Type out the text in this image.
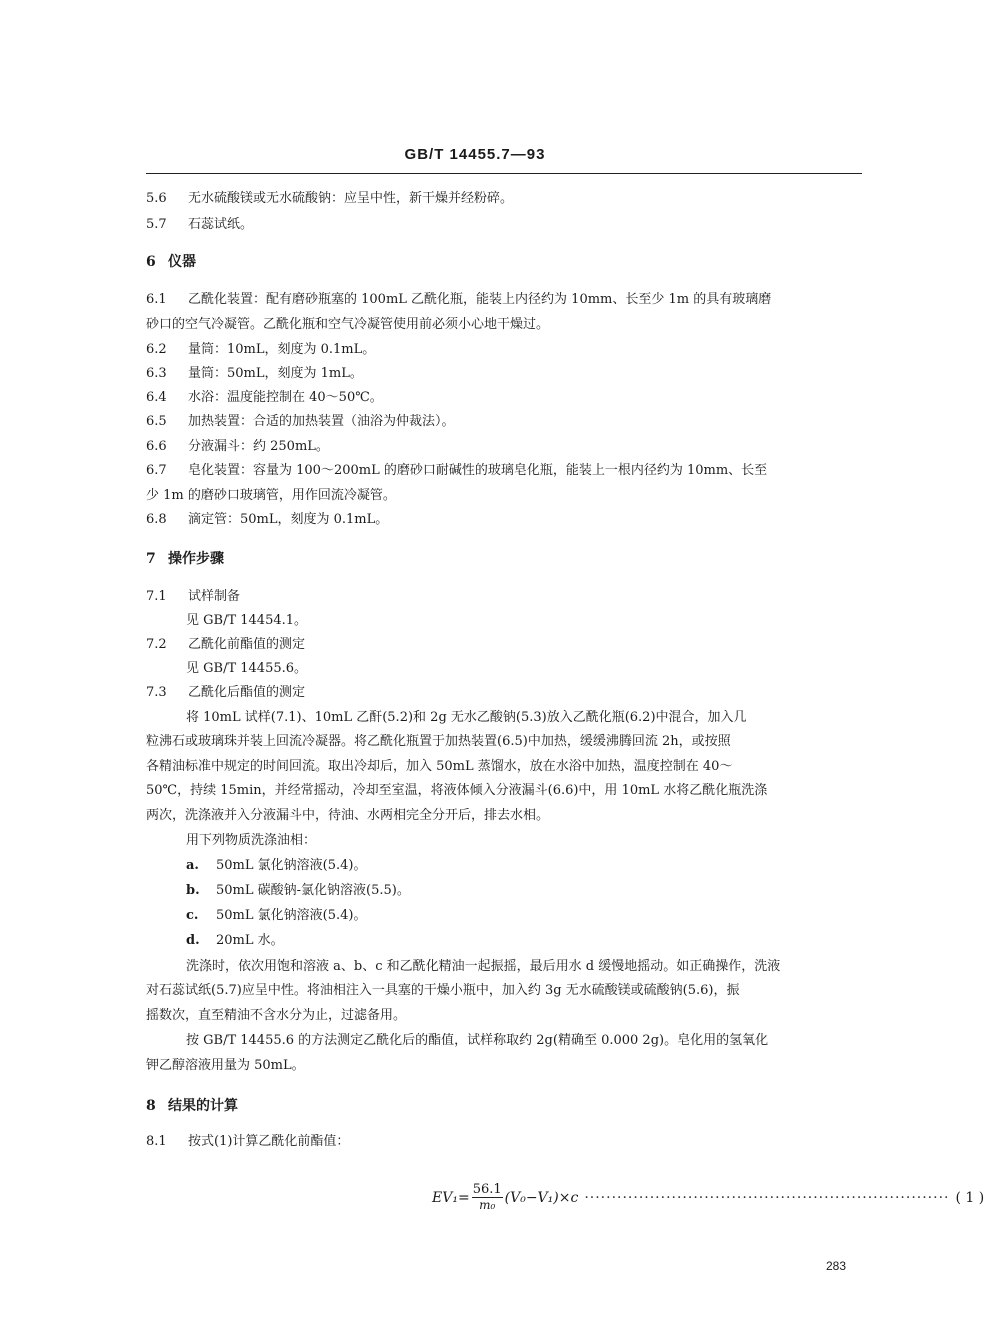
GB/T 14455.7—93
5.6 无水硫酸镁或无水硫酸钠：应呈中性，新干燥并经粉碎。
5.7 石蕊试纸。
6 仪器
6.1 乙酰化装置：配有磨砂瓶塞的 100mL 乙酰化瓶，能装上内径约为 10mm、长至少 1m 的具有玻璃磨
砂口的空气冷凝管。乙酰化瓶和空气冷凝管使用前必须小心地干燥过。
6.2 量筒：10mL，刻度为 0.1mL。
6.3 量筒：50mL，刻度为 1mL。
6.4 水浴：温度能控制在 40～50℃。
6.5 加热装置：合适的加热装置（油浴为仲裁法）。
6.6 分液漏斗：约 250mL。
6.7 皂化装置：容量为 100～200mL 的磨砂口耐碱性的玻璃皂化瓶，能装上一根内径约为 10mm、长至
少 1m 的磨砂口玻璃管，用作回流冷凝管。
6.8 滴定管：50mL，刻度为 0.1mL。
7 操作步骤
7.1 试样制备
见 GB/T 14454.1。
7.2 乙酰化前酯值的测定
见 GB/T 14455.6。
7.3 乙酰化后酯值的测定
将 10mL 试样(7.1)、10mL 乙酐(5.2)和 2g 无水乙酸钠(5.3)放入乙酰化瓶(6.2)中混合，加入几
粒沸石或玻璃珠并装上回流冷凝器。将乙酰化瓶置于加热装置(6.5)中加热，缓缓沸腾回流 2h，或按照
各精油标准中规定的时间回流。取出冷却后，加入 50mL 蒸馏水，放在水浴中加热，温度控制在 40～
50℃，持续 15min，并经常摇动，冷却至室温，将液体倾入分液漏斗(6.6)中，用 10mL 水将乙酰化瓶洗涤
两次，洗涤液并入分液漏斗中，待油、水两相完全分开后，排去水相。
用下列物质洗涤油相：
a. 50mL 氯化钠溶液(5.4)。
b. 50mL 碳酸钠-氯化钠溶液(5.5)。
c. 50mL 氯化钠溶液(5.4)。
d. 20mL 水。
洗涤时，依次用饱和溶液 a、b、c 和乙酰化精油一起振摇，最后用水 d 缓慢地摇动。如正确操作，洗液
对石蕊试纸(5.7)应呈中性。将油相注入一具塞的干燥小瓶中，加入约 3g 无水硫酸镁或硫酸钠(5.6)，振
摇数次，直至精油不含水分为止，过滤备用。
按 GB/T 14455.6 的方法测定乙酰化后的酯值，试样称取约 2g(精确至 0.000 2g)。皂化用的氢氧化
钾乙醇溶液用量为 50mL。
8 结果的计算
8.1 按式(1)计算乙酰化前酯值：
$EV_1= \frac{56.1}{\text{m₀}} (V_0-V_1)\times c$ ··································································· ( 1 )
283
